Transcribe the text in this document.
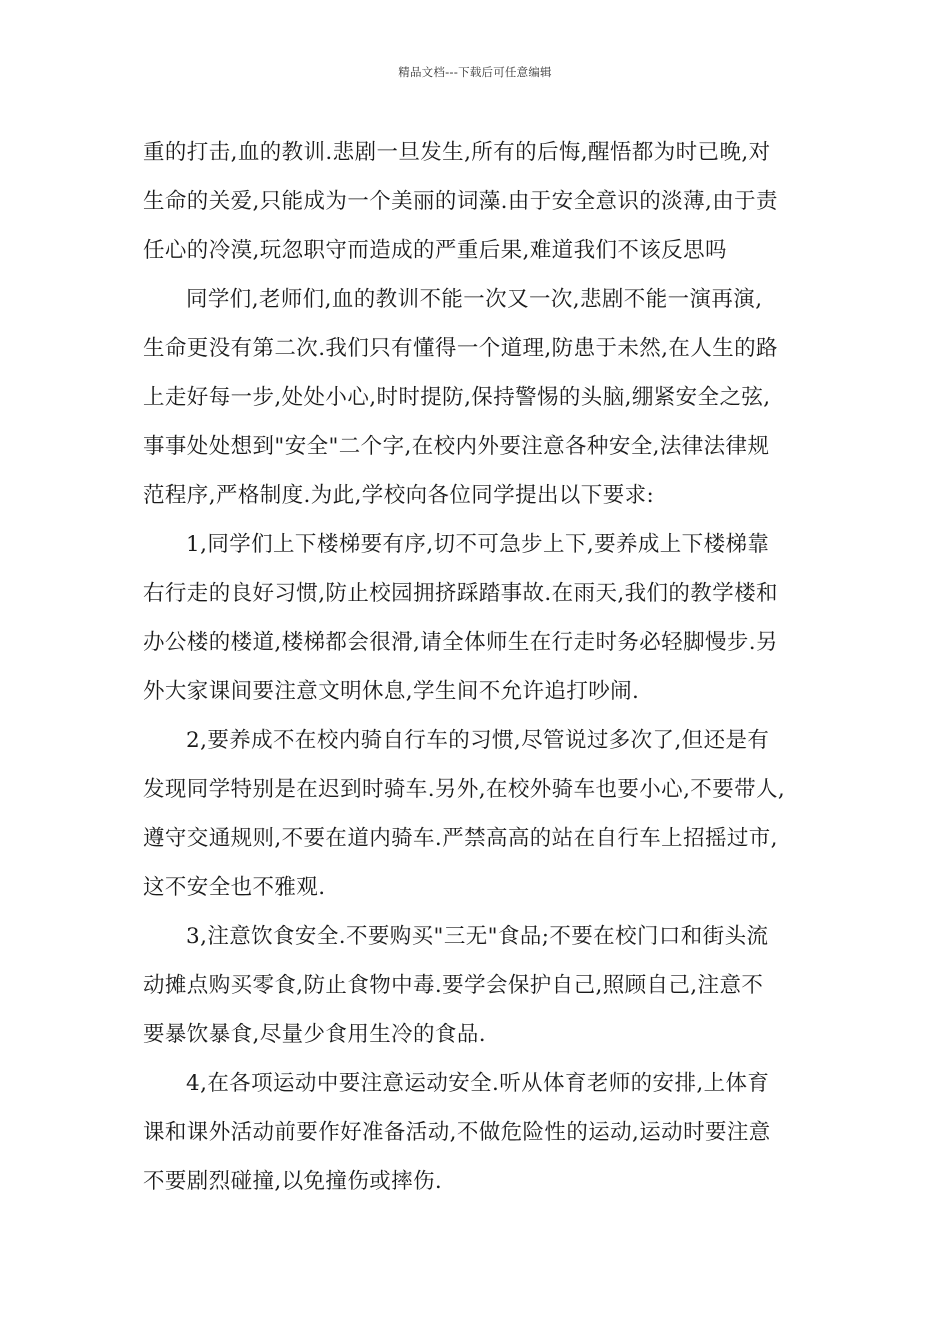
精品文档---下载后可任意编辑

重的打击,血的教训.悲剧一旦发生,所有的后悔,醒悟都为时已晚,对
生命的关爱,只能成为一个美丽的词藻.由于安全意识的淡薄,由于责
任心的冷漠,玩忽职守而造成的严重后果,难道我们不该反思吗

同学们,老师们,血的教训不能一次又一次,悲剧不能一演再演,
生命更没有第二次.我们只有懂得一个道理,防患于未然,在人生的路
上走好每一步,处处小心,时时提防,保持警惕的头脑,绷紧安全之弦,
事事处处想到"安全"二个字,在校内外要注意各种安全,法律法律规
范程序,严格制度.为此,学校向各位同学提出以下要求:

1,同学们上下楼梯要有序,切不可急步上下,要养成上下楼梯靠
右行走的良好习惯,防止校园拥挤踩踏事故.在雨天,我们的教学楼和
办公楼的楼道,楼梯都会很滑,请全体师生在行走时务必轻脚慢步.另
外大家课间要注意文明休息,学生间不允许追打吵闹.

2,要养成不在校内骑自行车的习惯,尽管说过多次了,但还是有
发现同学特别是在迟到时骑车.另外,在校外骑车也要小心,不要带人,
遵守交通规则,不要在道内骑车.严禁高高的站在自行车上招摇过市,
这不安全也不雅观.

3,注意饮食安全.不要购买"三无"食品;不要在校门口和街头流
动摊点购买零食,防止食物中毒.要学会保护自己,照顾自己,注意不
要暴饮暴食,尽量少食用生冷的食品.

4,在各项运动中要注意运动安全.听从体育老师的安排,上体育
课和课外活动前要作好准备活动,不做危险性的运动,运动时要注意
不要剧烈碰撞,以免撞伤或摔伤.
